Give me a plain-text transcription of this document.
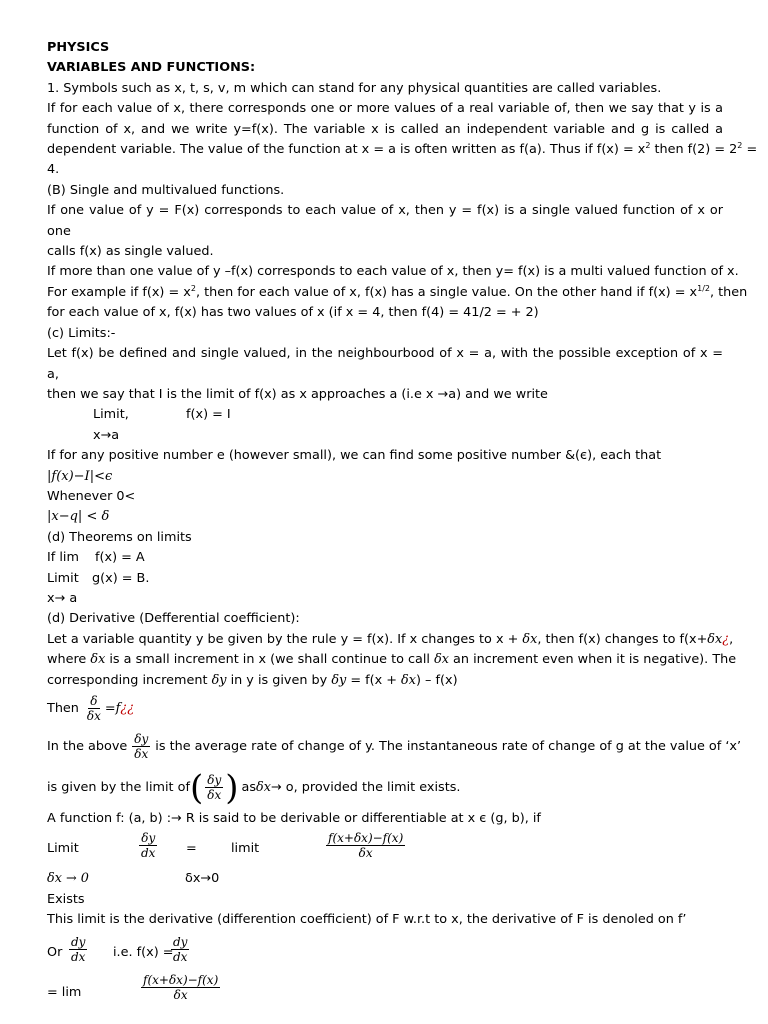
PHYSICS
VARIABLES AND FUNCTIONS:
1. Symbols such as x, t, s, v, m which can stand for any physical quantities are called variables.
If for each value of x, there corresponds one or more values of a real variable of, then we say that y is a
function of x, and we write y=f(x). The variable x is called an independent variable and g is called a
dependent variable. The value of the function at x = a is often written as f(a). Thus if $f(x) = x^2$ then $f(2) = 2^2$ =
4.
(B) Single and multivalued functions.
If one value of y = F(x) corresponds to each value of x, then y = f(x) is a single valued function of x or one
calls f(x) as single valued.
If more than one value of y –f(x) corresponds to each value of x, then y= f(x) is a multi valued function of x.
For example if $f(x) = x^2$, then for each value of x, f(x) has a single value. On the other hand if $f(x) = x^{1/2}$, then
for each value of x, f(x) has two values of x (if x = 4, then f(4) = 41/2 = + 2)
(c) Limits:-
Let f(x) be defined and single valued, in the neighbourbood of x = a, with the possible exception of x = a,
then we say that I is the limit of f(x) as x approaches a (i.e x →a) and we write
Limit,	f(x) = I
x→a
If for any positive number e (however small), we can find some positive number &(є), each that
|f(x)−I|<ϵ
Whenever 0<
|x−q| < δ
(d) Theorems on limits
If lim f(x) = A
Limit g(x) = B.
x→ a
(d) Derivative (Defferential coefficient):
Let a variable quantity y be given by the rule y = f(x). If x changes to x + δx, then f(x) changes to f(x+δx¿,
where δx is a small increment in x (we shall continue to call δx an increment even when it is negative). The
corresponding increment δy in y is given by δy = f(x + δx) – f(x)
Then $\frac{\delta}{\delta x} = f$ ¿¿
In the above $\frac{\delta y}{\delta x}$ is the average rate of change of y. The instantaneous rate of change of g at the value of ‘x’
is given by the limit of ( $\frac{\delta y}{\delta x}$ ) as δx → o, provided the limit exists.
A function f: (a, b) :→ R is said to be derivable or differentiable at x є (g, b), if
Limit	$\frac{\delta y}{dx}$ =	limit	$\frac{f(x+\delta x)-f(x)}{\delta x}$
δx → 0	δx→0
Exists
This limit is the derivative (differention coefficient) of F w.r.t to x, the derivative of F is denoled on f’
Or $\frac{dy}{dx} i.e$. f(x) =
$\frac{dy}{dx}$
= lim	$\frac{f(x+\delta x)-f(x)}{\delta x}$
